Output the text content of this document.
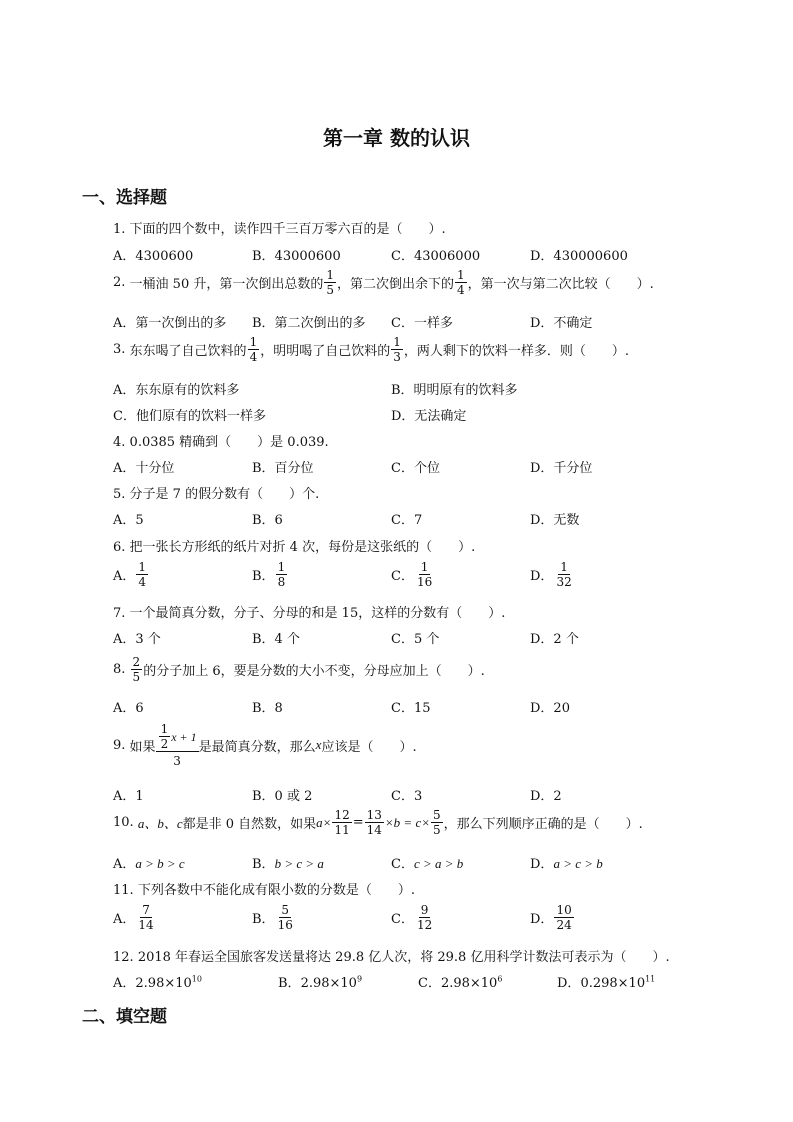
第一章 数的认识
一、选择题
1. 下面的四个数中，读作四千三百万零六百的是（　　）.
A．4300600	B．43000600	C．43006000	D．430000600
2.
一桶油 50 升，第一次倒出总数的 $\frac{1}{5}$ ，第二次倒出余下的 $\frac{1}{4}$ ，第一次与第二次比较（　　）.
A．第一次倒出的多 B．第二次倒出的多 C．一样多	D．不确定
3.
东东喝了自己饮料的 $\frac{1}{4}$ ，明明喝了自己饮料的 $\frac{1}{3}$ ，两人剩下的饮料一样多．则（　　）.
A．东东原有的饮料多	B．明明原有的饮料多
C．他们原有的饮料一样多	D．无法确定
4. 0.0385 精确到（　　）是 0.039.
A．十分位	B．百分位	C．个位	D．千分位
5. 分子是 7 的假分数有（　　）个.
A．5	B．6	C．7	D．无数
6. 把一张长方形纸的纸片对折 4 次，每份是这张纸的（　　）.
A． $\frac{1}{4}$	B． $\frac{1}{8}$	C． $\frac{1}{16}$	D． $\frac{1}{32}$
7. 一个最简真分数，分子、分母的和是 15，这样的分数有（　　）.
A．3 个	B．4 个	C．5 个	D．2 个
8.
$\frac{2}{5}$ 的分子加上 6，要是分数的大小不变，分母应加上（　　）.
A．6	B．8	C．15	D．20
9.
如果 $\frac{\frac{1}{2} x + 1}{3}$ 是最简真分数，那么 x 应该是（　　）.
A．1	B．0 或 2	C．3	D．2
10.
a、b、c 都是非 0 自然数，如果 $a\times \frac{12}{11} = \frac{13}{14} \times b = c\times \frac{5}{5}$ ，那么下列顺序正确的是（　　）.
A．a > b > c	B．b > c > a	C．c > a > b	D．a > c > b
11. 下列各数中不能化成有限小数的分数是（　　）.
A． $\frac{7}{14}$	B． $\frac{5}{16}$	C． $\frac{9}{12}$	D． $\frac{10}{24}$
12. 2018 年春运全国旅客发送量将达 29.8 亿人次，将 29.8 亿用科学计数法可表示为（　　）.
A．$2.98\times 10^{10}$	B．$2.98\times 10^9$	C．$2.98\times 10^6$	D．$0.298\times 10^{11}$
二、填空题
